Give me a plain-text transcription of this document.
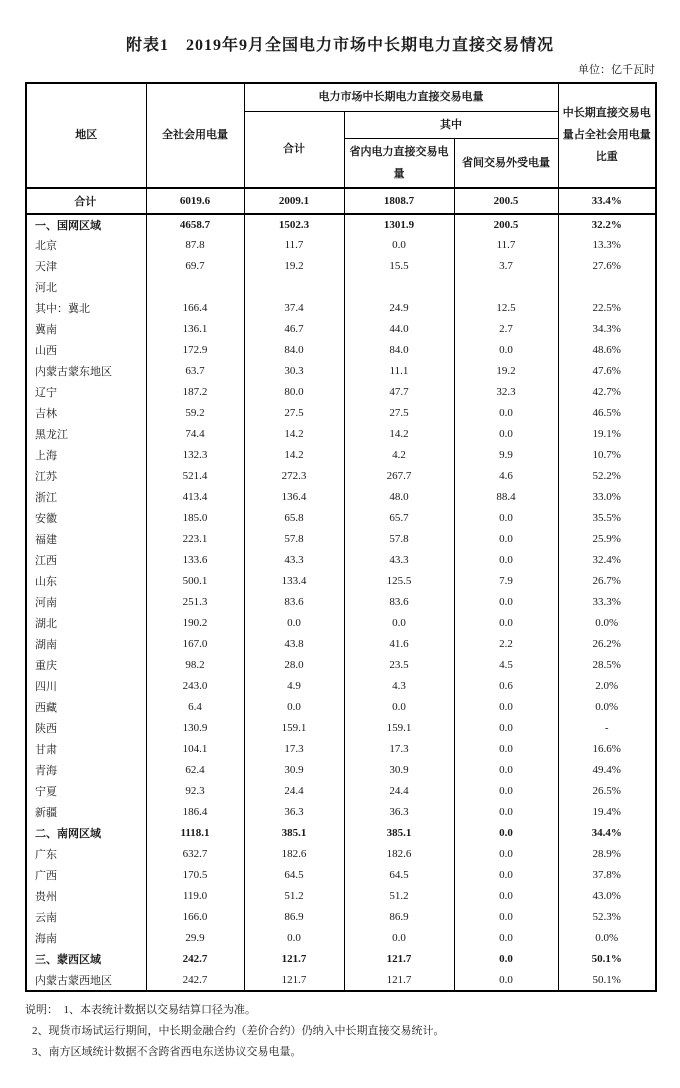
附表1　2019年9月全国电力市场中长期电力直接交易情况
单位：亿千瓦时
地区	全社会用电量	电力市场中长期电力直接交易电量			中长期直接交易电量占全社会用电量比重
		合计	其中		
			省内电力直接交易电量	省间交易外受电量	
合计	6019.6	2009.1	1808.7	200.5	33.4%
一、国网区域	4658.7	1502.3	1301.9	200.5	32.2%
北京	87.8	11.7	0.0	11.7	13.3%
天津	69.7	19.2	15.5	3.7	27.6%
河北					
其中：冀北	166.4	37.4	24.9	12.5	22.5%
冀南	136.1	46.7	44.0	2.7	34.3%
山西	172.9	84.0	84.0	0.0	48.6%
内蒙古蒙东地区	63.7	30.3	11.1	19.2	47.6%
辽宁	187.2	80.0	47.7	32.3	42.7%
吉林	59.2	27.5	27.5	0.0	46.5%
黑龙江	74.4	14.2	14.2	0.0	19.1%
上海	132.3	14.2	4.2	9.9	10.7%
江苏	521.4	272.3	267.7	4.6	52.2%
浙江	413.4	136.4	48.0	88.4	33.0%
安徽	185.0	65.8	65.7	0.0	35.5%
福建	223.1	57.8	57.8	0.0	25.9%
江西	133.6	43.3	43.3	0.0	32.4%
山东	500.1	133.4	125.5	7.9	26.7%
河南	251.3	83.6	83.6	0.0	33.3%
湖北	190.2	0.0	0.0	0.0	0.0%
湖南	167.0	43.8	41.6	2.2	26.2%
重庆	98.2	28.0	23.5	4.5	28.5%
四川	243.0	4.9	4.3	0.6	2.0%
西藏	6.4	0.0	0.0	0.0	0.0%
陕西	130.9	159.1	159.1	0.0	-
甘肃	104.1	17.3	17.3	0.0	16.6%
青海	62.4	30.9	30.9	0.0	49.4%
宁夏	92.3	24.4	24.4	0.0	26.5%
新疆	186.4	36.3	36.3	0.0	19.4%
二、南网区域	1118.1	385.1	385.1	0.0	34.4%
广东	632.7	182.6	182.6	0.0	28.9%
广西	170.5	64.5	64.5	0.0	37.8%
贵州	119.0	51.2	51.2	0.0	43.0%
云南	166.0	86.9	86.9	0.0	52.3%
海南	29.9	0.0	0.0	0.0	0.0%
三、蒙西区域	242.7	121.7	121.7	0.0	50.1%
内蒙古蒙西地区	242.7	121.7	121.7	0.0	50.1%

说明：　1、本表统计数据以交易结算口径为准。

2、现货市场试运行期间，中长期金融合约（差价合约）仍纳入中长期直接交易统计。

3、南方区域统计数据不含跨省西电东送协议交易电量。
